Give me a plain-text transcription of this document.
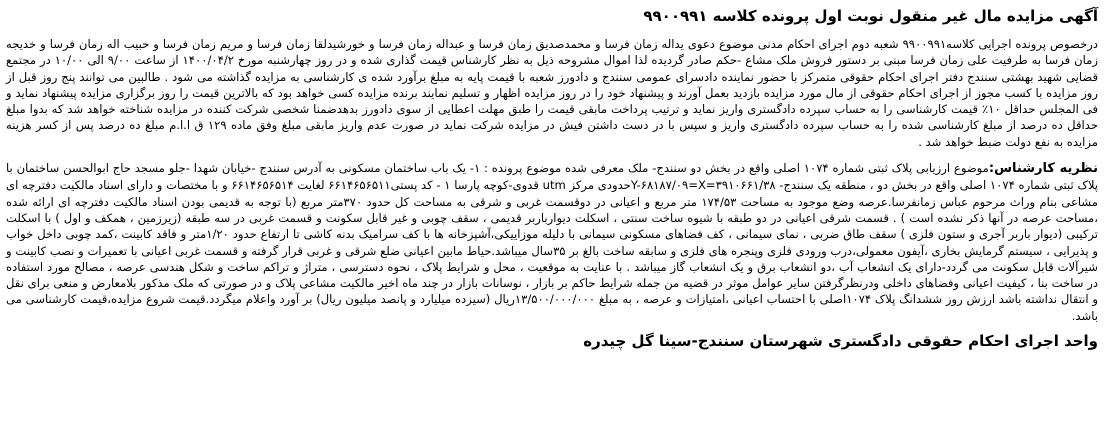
آگهی مزایده مال غیر منقول نوبت اول پرونده کلاسه ۹۹۰۰۹۹۱

درخصوص پرونده اجرایی کلاسه۹۹۰۰۹۹۱ شعبه دوم اجرای احکام مدنی موضوع دعوی یداله زمان فرسا و محمدصدیق زمان فرسا و عبداله زمان فرسا و خورشیدلقا زمان فرسا و مریم زمان فرسا و حبیب اله زمان فرسا و خدیجه زمان فرسا به طرفیت علی زمان فرسا مبنی بر دستور فروش ملک مشاع -حکم صادر گردیده لذا اموال مشروحه ذیل به نظر کارشناس قیمت گذاری شده و در روز چهارشنبه مورخ ۱۴۰۰/۰۴/۲ از ساعت ۹/۰۰ الی ۱۰/۰۰ در مجتمع قضایی شهید بهشتی سنندج دفتر اجرای احکام حقوقی متمرکز با حضور نماینده دادسرای عمومی سنندج و دادورز شعبه با قیمت پایه به مبلغ برآورد شده ی کارشناسی به مزایده گذاشته می شود . طالبین می توانند پنج روز قبل از روز مزایده با کسب مجوز از اجرای احکام حقوقی از مال مورد مزایده بازدید بعمل آورند و پیشنهاد خود را در روز مزایده اظهار و تسلیم نمایند برنده مزایده کسی خواهد بود که بالاترین قیمت را روز برگزاری مزایده پیشنهاد نماید و فی المجلس حداقل ۱۰٪ قیمت کارشناسی را به حساب سپرده دادگستری واریز نماید و ترتیب پرداخت مابقی قیمت را طبق مهلت اعطایی از سوی دادورز بدهدضمنا شخصی شرکت کننده در مزایده شناخته خواهد شد که بدوا مبلغ حداقل ده درصد از مبلغ کارشناسی شده را به حساب سپرده دادگستری واریز و سپس با در دست داشتن فیش در مزایده شرکت نماید در صورت عدم واریز مابقی مبلغ وفق ماده ۱۲۹ ق ا.ا.م مبلغ ده درصد پس از کسر هزینه مزایده به نفع دولت ضبط خواهد شد .

نظریه کارشناس:موضوع ارزیابی پلاک ثبتی شماره ۱۰۷۴ اصلی واقع در بخش دو سنندج- ملک معرفی شده موضوع پرونده : ۱- یک باب ساختمان مسکونی به آدرس سنندج -خیابان شهدا -جلو مسجد حاج ابوالحسن ساختمان با پلاک ثبتی شماره ۱۰۷۴ اصلی واقع در بخش دو ، منطقه یک سنندج- ۳۹۱۰۶۶۱/۳۸=Y-۶۸۱۸۷/۰۹=Xحدودی مرکز utm قدوی-کوچه پارسا ۱ - کد پستی۶۶۱۴۶۵۶۵۱۱ لغایت ۶۶۱۴۶۵۶۵۱۴ و با مختصات و دارای اسناد مالکیت دفترچه ای مشاعی بنام وراث مرحوم عباس زمانفرسا.عرصه وضع موجود به مساحت ۱۷۴/۵۳ متر مربع و اعیانی در دوقسمت غربی و شرقی به مساحت کل حدود ۳۷۰متر مربع (با توجه به قدیمی بودن اسناد مالکیت دفترچه ای ارائه شده ،مساحت عرصه در آنها ذکر نشده است ) . قسمت شرقی اعیانی در دو طبقه با شیوه ساخت سنتی ، اسکلت دیوارباربر قدیمی ، سقف چوبی و غیر قابل سکونت و قسمت غربی در سه طبقه (زیرزمین ، همکف و اول ) با اسکلت ترکیبی (دیوار باربر آجری و ستون فلزی ) سقف طاق ضربی ، نمای سیمانی ، کف فضاهای مسکونی سیمانی با دلیله موزاییکی،آشپزخانه ها با کف سرامیک بدنه کاشی تا ارتفاع حدود ۱/۲۰متر و فاقد کابینت ،کمد چوبی داخل خواب و پذیرایی ، سیستم گرمایش بخاری ،آیفون معمولی،درب ورودی فلزی وپنجره های فلزی و سابقه ساخت بالغ بر ۳۵سال میباشد.حیاط مابین اعیانی ضلع شرقی و غربی قرار گرفته و قسمت غربی اعیانی با تعمیرات و نصب کابینت و شیرآلات قابل سکونت می گردد-دارای یک انشعاب آب ،دو انشعاب برق و یک انشعاب گاز میباشد . با عنایت به موقعیت ، محل و شرایط پلاک ، نحوه دسترسی ، متراژ و تراکم ساخت و شکل هندسی عرصه ، مصالح مورد استفاده در ساخت بنا ، کیفیت اعیانی وفضاهای داخلی ودرنظرگرفتن سایر عوامل موثر در قضیه من جمله شرایط حاکم بر بازار ، نوسانات بازار در چند ماه اخیر مالکیت مشاعی پلاک و در صورتی که ملک مذکور بلامعارض و منعی برای نقل و انتقال نداشته باشد ارزش روز ششدانگ پلاک ۱۰۷۴اصلی با احتساب اعیانی ،امتیازات و عرصه ، به مبلغ ۱۳/۵۰۰/۰۰۰/۰۰۰ریال (سیزده میلیارد و پانصد میلیون ریال) بر آورد واعلام میگردد.قیمت شروع مزایده،قیمت کارشناسی می باشد.

واحد اجرای احکام حقوقی دادگستری شهرستان سنندج-سینا گل چیدره
